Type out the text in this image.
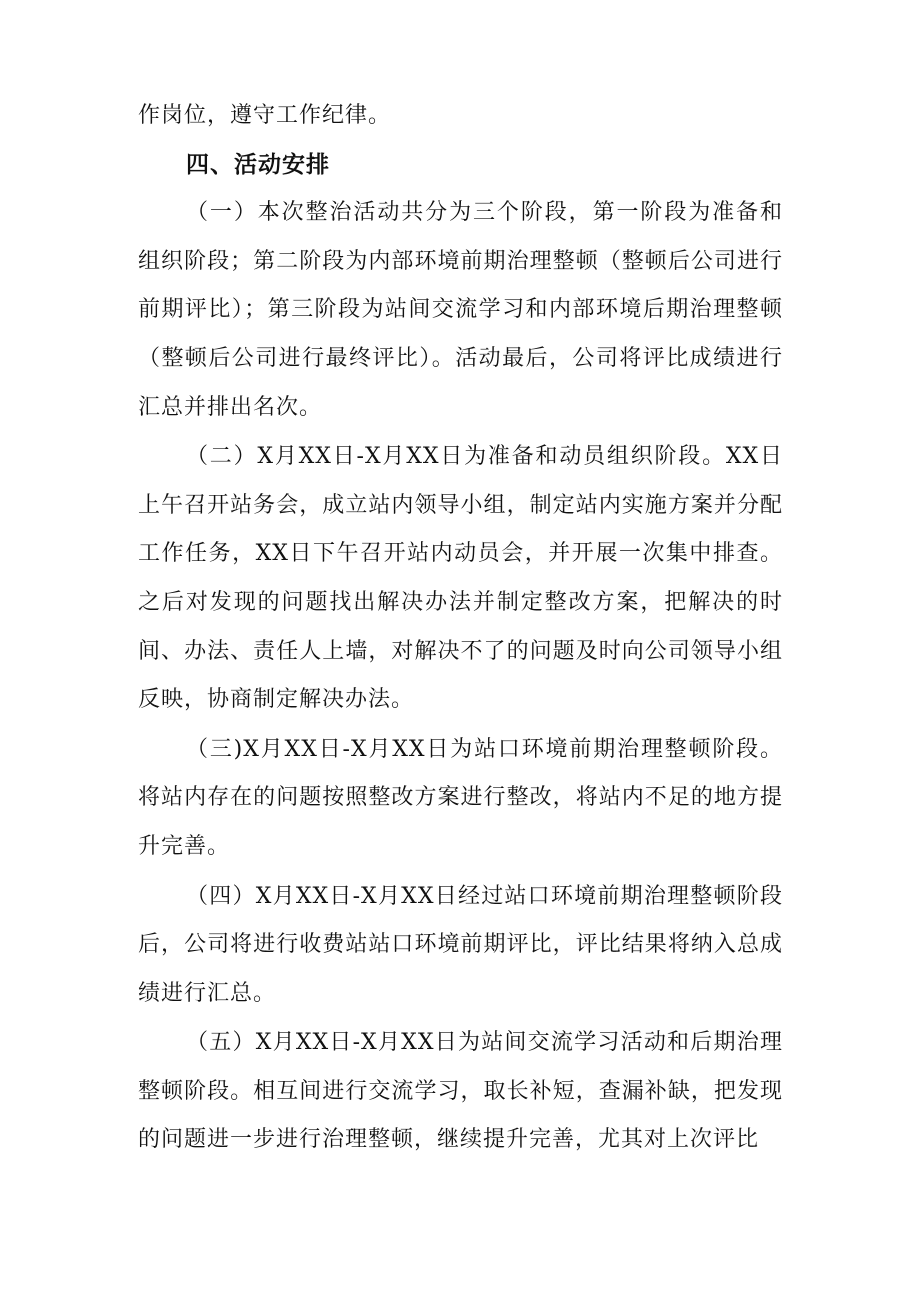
作岗位，遵守工作纪律。

四、活动安排

（一）本次整治活动共分为三个阶段，第一阶段为准备和组织阶段；第二阶段为内部环境前期治理整顿（整顿后公司进行前期评比）；第三阶段为站间交流学习和内部环境后期治理整顿（整顿后公司进行最终评比）。活动最后，公司将评比成绩进行汇总并排出名次。

（二）X月XX日-X月XX日为准备和动员组织阶段。XX日上午召开站务会，成立站内领导小组，制定站内实施方案并分配工作任务，XX日下午召开站内动员会，并开展一次集中排查。之后对发现的问题找出解决办法并制定整改方案，把解决的时间、办法、责任人上墙，对解决不了的问题及时向公司领导小组反映，协商制定解决办法。

（三)X月XX日-X月XX日为站口环境前期治理整顿阶段。将站内存在的问题按照整改方案进行整改，将站内不足的地方提升完善。

（四）X月XX日-X月XX日经过站口环境前期治理整顿阶段后，公司将进行收费站站口环境前期评比，评比结果将纳入总成绩进行汇总。

（五）X月XX日-X月XX日为站间交流学习活动和后期治理整顿阶段。相互间进行交流学习，取长补短，查漏补缺，把发现的问题进一步进行治理整顿，继续提升完善，尤其对上次评比
